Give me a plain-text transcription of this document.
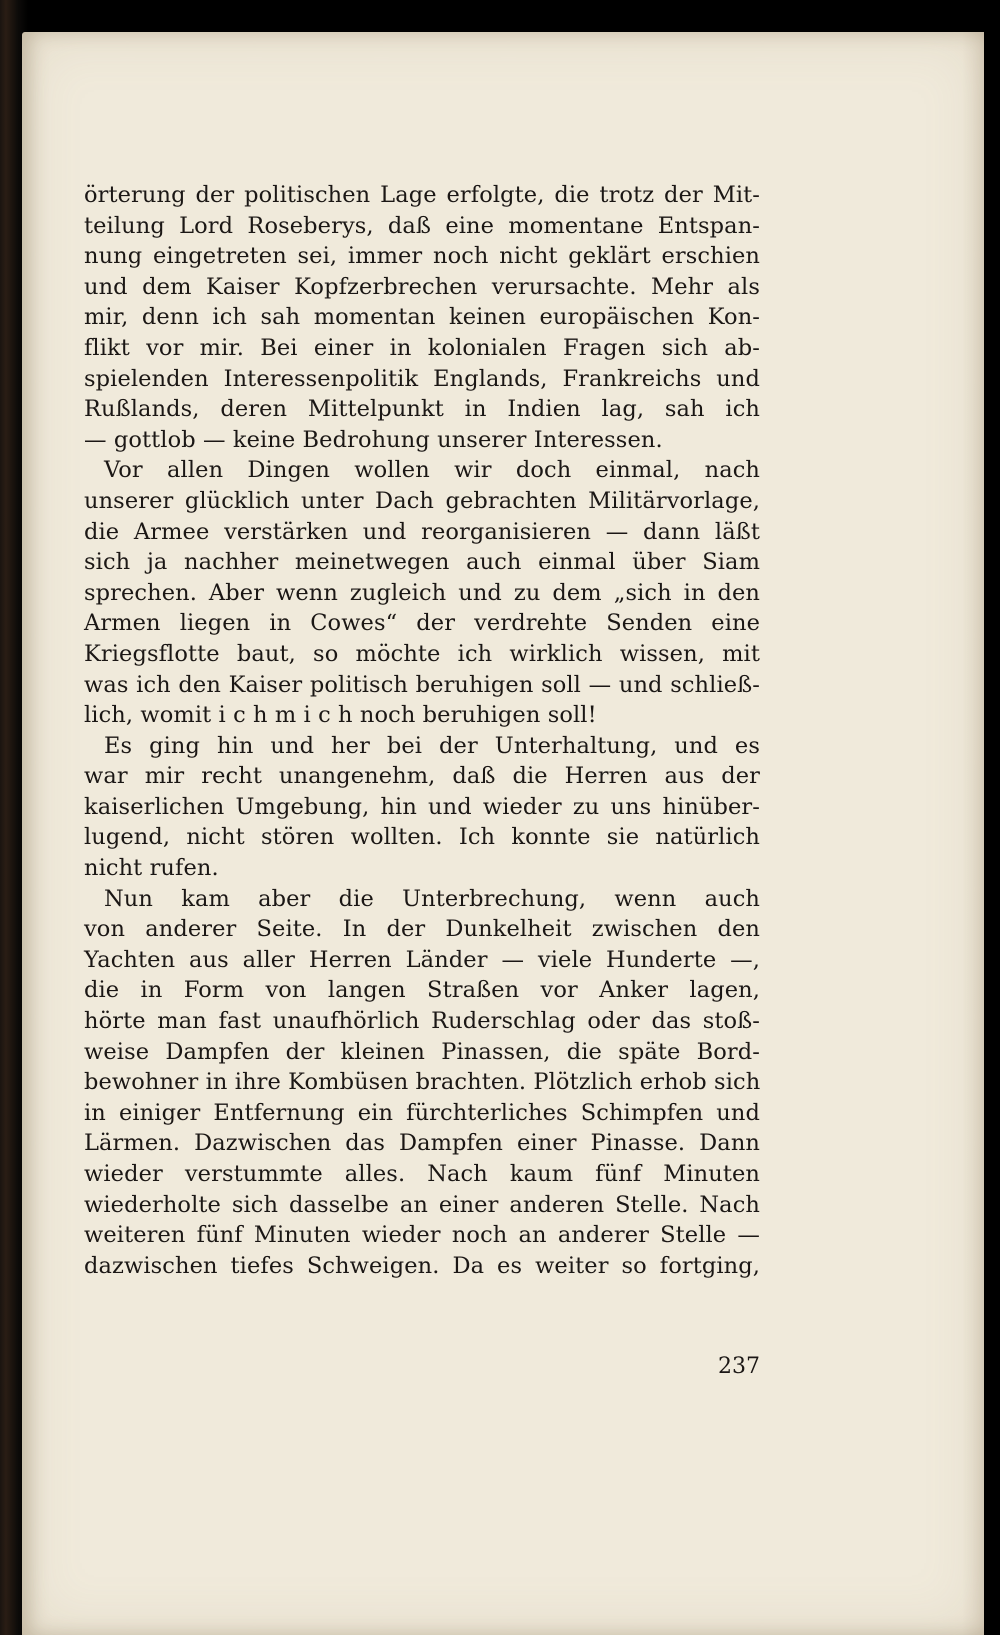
örterung der politischen Lage erfolgte, die trotz der Mit-
teilung Lord Roseberys, daß eine momentane Entspan-
nung eingetreten sei, immer noch nicht geklärt erschien
und dem Kaiser Kopfzerbrechen verursachte. Mehr als
mir, denn ich sah momentan keinen europäischen Kon-
flikt vor mir. Bei einer in kolonialen Fragen sich ab-
spielenden Interessenpolitik Englands, Frankreichs und
Rußlands, deren Mittelpunkt in Indien lag, sah ich
— gottlob — keine Bedrohung unserer Interessen.
Vor allen Dingen wollen wir doch einmal, nach
unserer glücklich unter Dach gebrachten Militärvorlage,
die Armee verstärken und reorganisieren — dann läßt
sich ja nachher meinetwegen auch einmal über Siam
sprechen. Aber wenn zugleich und zu dem „sich in den
Armen liegen in Cowes“ der verdrehte Senden eine
Kriegsflotte baut, so möchte ich wirklich wissen, mit
was ich den Kaiser politisch beruhigen soll — und schließ-
lich, womit i c h m i c h noch beruhigen soll!
Es ging hin und her bei der Unterhaltung, und es
war mir recht unangenehm, daß die Herren aus der
kaiserlichen Umgebung, hin und wieder zu uns hinüber-
lugend, nicht stören wollten. Ich konnte sie natürlich
nicht rufen.
Nun kam aber die Unterbrechung, wenn auch
von anderer Seite. In der Dunkelheit zwischen den
Yachten aus aller Herren Länder — viele Hunderte —,
die in Form von langen Straßen vor Anker lagen,
hörte man fast unaufhörlich Ruderschlag oder das stoß-
weise Dampfen der kleinen Pinassen, die späte Bord-
bewohner in ihre Kombüsen brachten. Plötzlich erhob sich
in einiger Entfernung ein fürchterliches Schimpfen und
Lärmen. Dazwischen das Dampfen einer Pinasse. Dann
wieder verstummte alles. Nach kaum fünf Minuten
wiederholte sich dasselbe an einer anderen Stelle. Nach
weiteren fünf Minuten wieder noch an anderer Stelle —
dazwischen tiefes Schweigen. Da es weiter so fortging,
237
